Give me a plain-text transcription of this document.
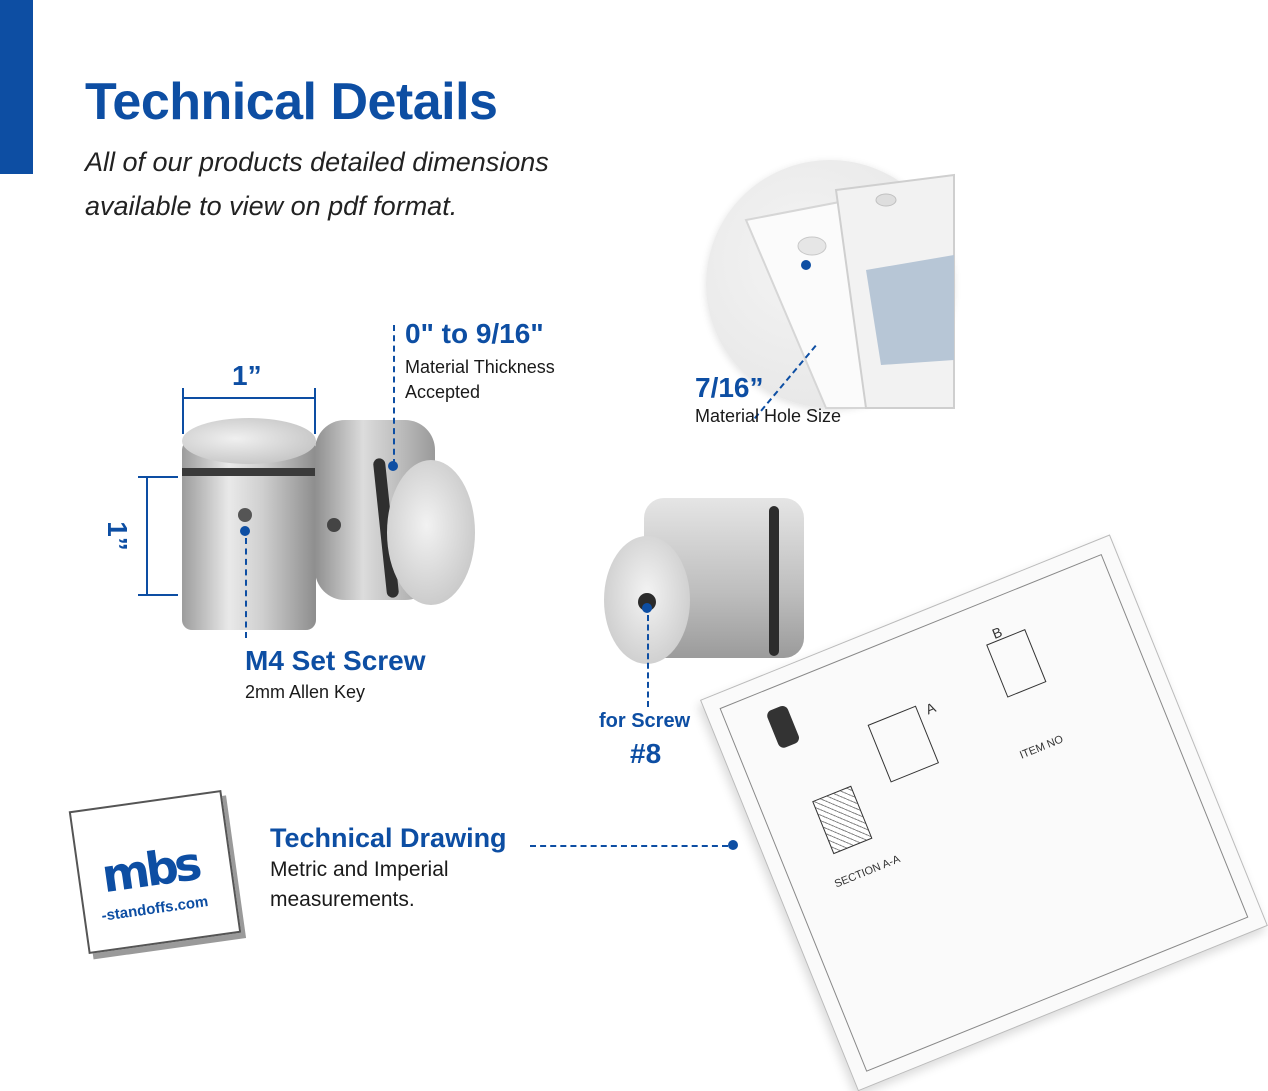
Technical Details
All of our products detailed dimensions
available to view on pdf format.
7/16”
Material Hole Size
1”
1”
0" to 9/16"
Material Thickness
Accepted
M4 Set Screw
2mm Allen Key
for Screw
#8
mbs
-standoffs.com
Technical Drawing
Metric and Imperial
measurements.
SECTION A-A
A
B
ITEM NO
